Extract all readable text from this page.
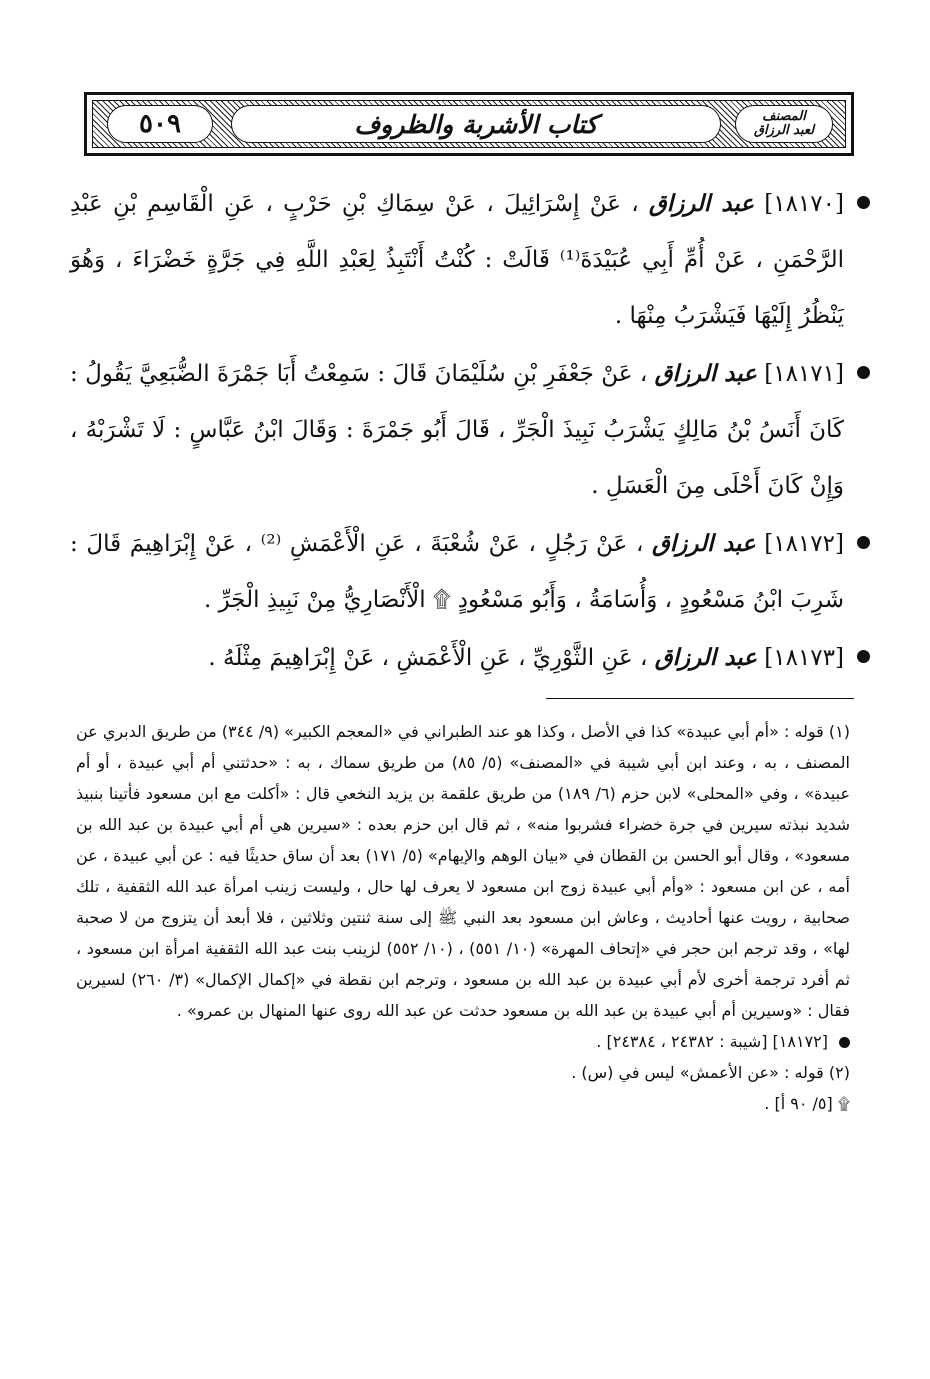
٥٠٩	كتاب الأشربة والظروف	المصنف
لعبد الرزاق
[١٨١٧٠] عبد الرزاق ، عَنْ إِسْرَائِيلَ ، عَنْ سِمَاكِ بْنِ حَرْبٍ ، عَنِ الْقَاسِمِ بْنِ عَبْدِ الرَّحْمَنِ ، عَنْ أُمِّ أَبِي عُبَيْدَةَ⁽¹⁾ قَالَتْ : كُنْتُ أَنْتَبِذُ لِعَبْدِ اللَّهِ فِي جَرَّةٍ خَضْرَاءَ ، وَهُوَ يَنْظُرُ إِلَيْهَا فَيَشْرَبُ مِنْهَا .
[١٨١٧١] عبد الرزاق ، عَنْ جَعْفَرِ بْنِ سُلَيْمَانَ قَالَ : سَمِعْتُ أَبَا جَمْرَةَ الضُّبَعِيَّ يَقُولُ : كَانَ أَنَسُ بْنُ مَالِكٍ يَشْرَبُ نَبِيذَ الْجَرِّ ، قَالَ أَبُو جَمْرَةَ : وَقَالَ ابْنُ عَبَّاسٍ : لَا تَشْرَبْهُ ، وَإِنْ كَانَ أَحْلَى مِنَ الْعَسَلِ .
[١٨١٧٢] عبد الرزاق ، عَنْ رَجُلٍ ، عَنْ شُعْبَةَ ، عَنِ الْأَعْمَشِ ⁽²⁾ ، عَنْ إِبْرَاهِيمَ قَالَ : شَرِبَ ابْنُ مَسْعُودٍ ، وَأُسَامَةُ ، وَأَبُو مَسْعُودٍ ۩ الْأَنْصَارِيُّ مِنْ نَبِيذِ الْجَرِّ .
[١٨١٧٣] عبد الرزاق ، عَنِ الثَّوْرِيِّ ، عَنِ الْأَعْمَشِ ، عَنْ إِبْرَاهِيمَ مِثْلَهُ .

(١) قوله : «أم أبي عبيدة» كذا في الأصل ، وكذا هو عند الطبراني في «المعجم الكبير» (٩/ ٣٤٤) من طريق الدبري عن المصنف ، به ، وعند ابن أبي شيبة في «المصنف» (٥/ ٨٥) من طريق سماك ، به : «حدثتني أم أبي عبيدة ، أو أم عبيدة» ، وفي «المحلى» لابن حزم (٦/ ١٨٩) من طريق علقمة بن يزيد النخعي قال : «أكلت مع ابن مسعود فأتينا بنبيذ شديد نبذته سيرين في جرة خضراء فشربوا منه» ، ثم قال ابن حزم بعده : «سيرين هي أم أبي عبيدة بن عبد الله بن مسعود» ، وقال أبو الحسن بن القطان في «بيان الوهم والإيهام» (٥/ ١٧١) بعد أن ساق حديثًا فيه : عن أبي عبيدة ، عن أمه ، عن ابن مسعود : «وأم أبي عبيدة زوج ابن مسعود لا يعرف لها حال ، وليست زينب امرأة عبد الله الثقفية ، تلك صحابية ، رويت عنها أحاديث ، وعاش ابن مسعود بعد النبي ﷺ إلى سنة ثنتين وثلاثين ، فلا أبعد أن يتزوج من لا صحبة لها» ، وقد ترجم ابن حجر في «إتحاف المهرة» (١٠/ ٥٥١) ، (١٠/ ٥٥٢) لزينب بنت عبد الله الثقفية امرأة ابن مسعود ، ثم أفرد ترجمة أخرى لأم أبي عبيدة بن عبد الله بن مسعود ، وترجم ابن نقطة في «إكمال الإكمال» (٣/ ٢٦٠) لسيرين فقال : «وسيرين أم أبي عبيدة بن عبد الله بن مسعود حدثت عن عبد الله روى عنها المنهال بن عمرو» .

[١٨١٧٢] [شيبة : ٢٤٣٨٢ ، ٢٤٣٨٤] .

(٢) قوله : «عن الأعمش» ليس في (س) .

۩ [٥/ ٩٠ أ] .
